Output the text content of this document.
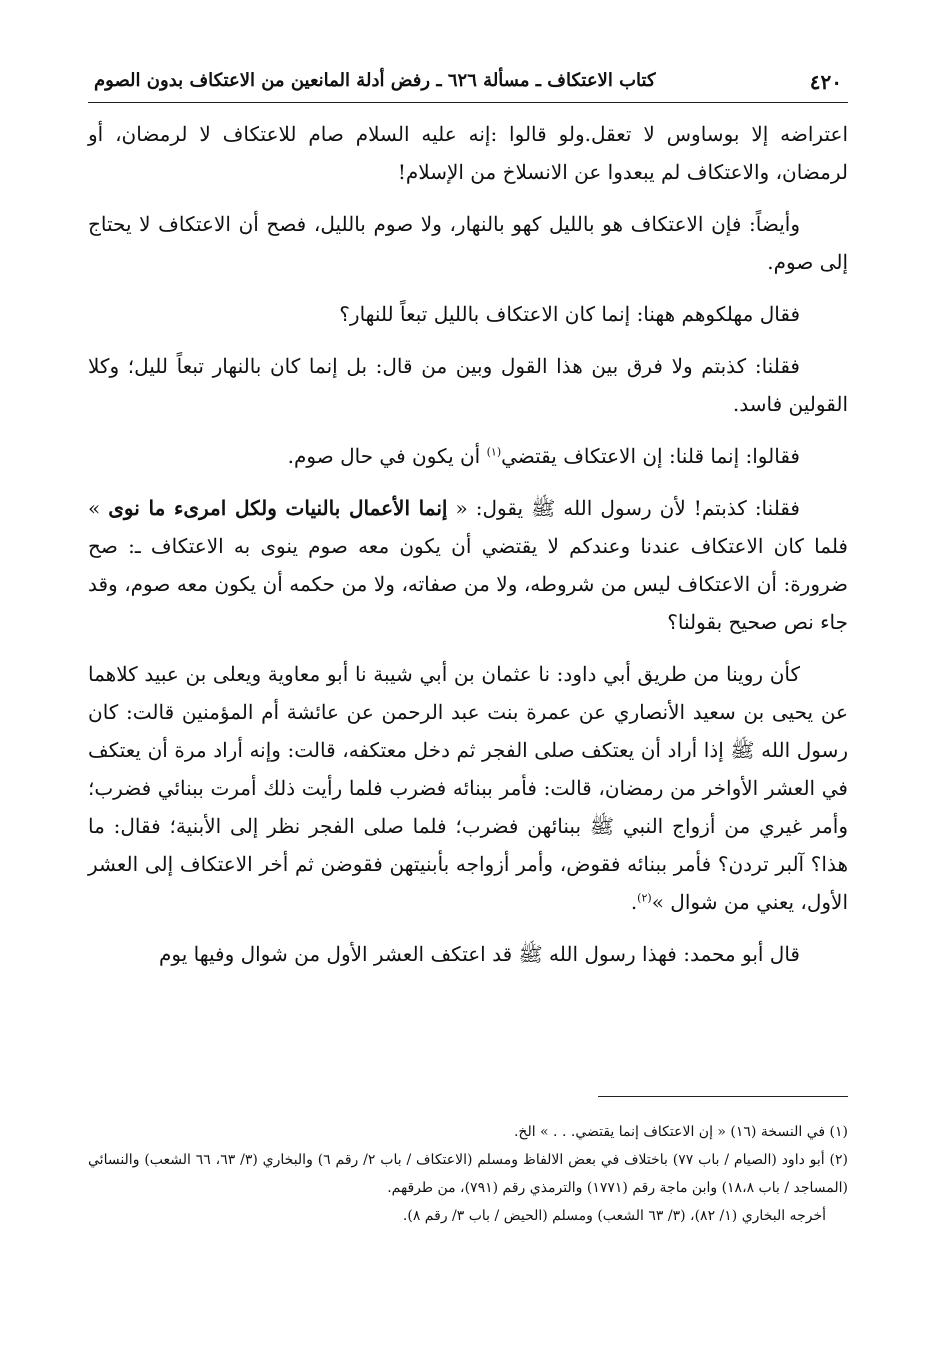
٤٢٠
كتاب الاعتكاف ـ مسألة ٦٢٦ ـ رفض أدلة المانعين من الاعتكاف بدون الصوم

اعتراضه إلا بوساوس لا تعقل.ولو قالوا :إنه عليه السلام صام للاعتكاف لا لرمضان، أو لرمضان، والاعتكاف لم يبعدوا عن الانسلاخ من الإسلام!

وأيضاً: فإن الاعتكاف هو بالليل كهو بالنهار، ولا صوم بالليل، فصح أن الاعتكاف لا يحتاج إلى صوم.

فقال مهلكوهم ههنا: إنما كان الاعتكاف بالليل تبعاً للنهار؟

فقلنا: كذبتم ولا فرق بين هذا القول وبين من قال: بل إنما كان بالنهار تبعاً لليل؛ وكلا القولين فاسد.

فقالوا: إنما قلنا: إن الاعتكاف يقتضي$^{(١)}$ أن يكون في حال صوم.

فقلنا: كذبتم! لأن رسول الله ﷺ يقول: « إنما الأعمال بالنيات ولكل امرىء ما نوى » فلما كان الاعتكاف عندنا وعندكم لا يقتضي أن يكون معه صوم ينوى به الاعتكاف ـ: صح ضرورة: أن الاعتكاف ليس من شروطه، ولا من صفاته، ولا من حكمه أن يكون معه صوم، وقد جاء نص صحيح بقولنا؟

كأن روينا من طريق أبي داود: نا عثمان بن أبي شيبة نا أبو معاوية ويعلى بن عبيد كلاهما عن يحيى بن سعيد الأنصاري عن عمرة بنت عبد الرحمن عن عائشة أم المؤمنين قالت: كان رسول الله ﷺ إذا أراد أن يعتكف صلى الفجر ثم دخل معتكفه، قالت: وإنه أراد مرة أن يعتكف في العشر الأواخر من رمضان، قالت: فأمر ببنائه فضرب فلما رأيت ذلك أمرت ببنائي فضرب؛ وأمر غيري من أزواج النبي ﷺ ببنائهن فضرب؛ فلما صلى الفجر نظر إلى الأبنية؛ فقال: ما هذا؟ آلبر تردن؟ فأمر ببنائه فقوض، وأمر أزواجه بأبنيتهن فقوضن ثم أخر الاعتكاف إلى العشر الأول، يعني من شوال »$^{(٢)}$.

قال أبو محمد: فهذا رسول الله ﷺ قد اعتكف العشر الأول من شوال وفيها يوم

(١) في النسخة (١٦) « إن الاعتكاف إنما يقتضي. . . » الخ.

(٢) أبو داود (الصيام / باب ٧٧) باختلاف في بعض الالفاظ ومسلم (الاعتكاف / باب ٢/ رقم ٦) والبخاري (٣/ ٦٣، ٦٦ الشعب) والنسائي (المساجد / باب ١٨،٨) وابن ماجة رقم (١٧٧١) والترمذي رقم (٧٩١)، من طرقهم.

أخرجه البخاري (١/ ٨٢)، (٣/ ٦٣ الشعب) ومسلم (الحيض / باب ٣/ رقم ٨).
